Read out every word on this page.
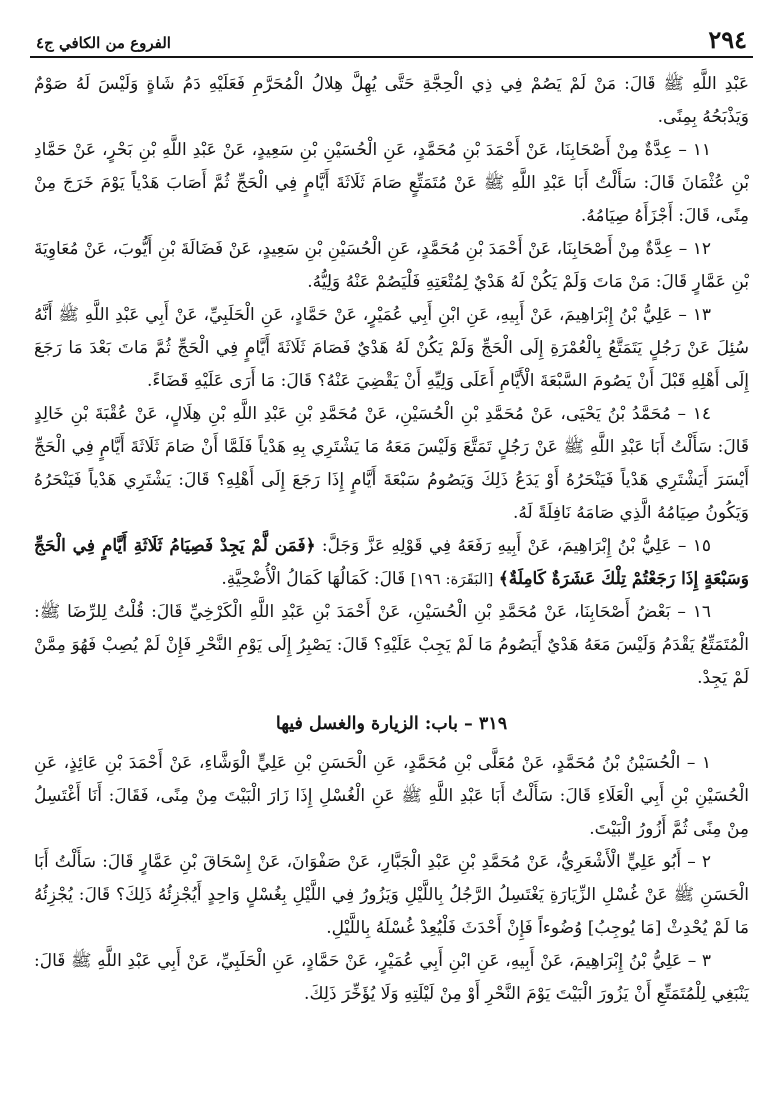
٢٩٤
الفروع من الكافي ج٤

عَبْدِ اللَّهِ ﷺ قَالَ: مَنْ لَمْ يَصُمْ فِي ذِي الْحِجَّةِ حَتَّى يُهِلَّ هِلالُ الْمُحَرَّمِ فَعَلَيْهِ دَمُ شَاةٍ وَلَيْسَ لَهُ صَوْمٌ وَيَذْبَحُهُ بِمِنًى.

١١ – عِدَّةٌ مِنْ أَصْحَابِنَا، عَنْ أَحْمَدَ بْنِ مُحَمَّدٍ، عَنِ الْحُسَيْنِ بْنِ سَعِيدٍ، عَنْ عَبْدِ اللَّهِ بْنِ بَحْرٍ، عَنْ حَمَّادِ بْنِ عُثْمَانَ قَالَ: سَأَلْتُ أَبَا عَبْدِ اللَّهِ ﷺ عَنْ مُتَمَتِّعٍ صَامَ ثَلَاثَةَ أَيَّامٍ فِي الْحَجِّ ثُمَّ أَصَابَ هَدْياً يَوْمَ خَرَجَ مِنْ مِنًى، قَالَ: أَجْزَأَهُ صِيَامُهُ.

١٢ – عِدَّةٌ مِنْ أَصْحَابِنَا، عَنْ أَحْمَدَ بْنِ مُحَمَّدٍ، عَنِ الْحُسَيْنِ بْنِ سَعِيدٍ، عَنْ فَضَالَةَ بْنِ أَيُّوبَ، عَنْ مُعَاوِيَةَ بْنِ عَمَّارٍ قَالَ: مَنْ مَاتَ وَلَمْ يَكُنْ لَهُ هَدْيٌ لِمُتْعَتِهِ فَلْيَصُمْ عَنْهُ وَلِيُّهُ.

١٣ – عَلِيُّ بْنُ إِبْرَاهِيمَ، عَنْ أَبِيهِ، عَنِ ابْنِ أَبِي عُمَيْرٍ، عَنْ حَمَّادٍ، عَنِ الْحَلَبِيِّ، عَنْ أَبِي عَبْدِ اللَّهِ ﷺ أَنَّهُ سُئِلَ عَنْ رَجُلٍ يَتَمَتَّعُ بِالْعُمْرَةِ إِلَى الْحَجِّ وَلَمْ يَكُنْ لَهُ هَدْيٌ فَصَامَ ثَلَاثَةَ أَيَّامٍ فِي الْحَجِّ ثُمَّ مَاتَ بَعْدَ مَا رَجَعَ إِلَى أَهْلِهِ قَبْلَ أَنْ يَصُومَ السَّبْعَةَ الْأَيَّامِ أَعَلَى وَلِيِّهِ أَنْ يَقْضِيَ عَنْهُ؟ قَالَ: مَا أَرَى عَلَيْهِ قَضَاءً.

١٤ – مُحَمَّدُ بْنُ يَحْيَى، عَنْ مُحَمَّدِ بْنِ الْحُسَيْنِ، عَنْ مُحَمَّدِ بْنِ عَبْدِ اللَّهِ بْنِ هِلَالٍ، عَنْ عُقْبَةَ بْنِ خَالِدٍ قَالَ: سَأَلْتُ أَبَا عَبْدِ اللَّهِ ﷺ عَنْ رَجُلٍ تَمَتَّعَ وَلَيْسَ مَعَهُ مَا يَشْتَرِي بِهِ هَدْياً فَلَمَّا أَنْ صَامَ ثَلَاثَةَ أَيَّامٍ فِي الْحَجِّ أَيْسَرَ أَيَشْتَرِي هَدْياً فَيَنْحَرُهُ أَوْ يَدَعُ ذَلِكَ وَيَصُومُ سَبْعَةَ أَيَّامٍ إِذَا رَجَعَ إِلَى أَهْلِهِ؟ قَالَ: يَشْتَرِي هَدْياً فَيَنْحَرُهُ وَيَكُونُ صِيَامُهُ الَّذِي صَامَهُ نَافِلَةً لَهُ.

١٥ – عَلِيُّ بْنُ إِبْرَاهِيمَ، عَنْ أَبِيهِ رَفَعَهُ فِي قَوْلِهِ عَزَّ وَجَلَّ: ﴿فَمَن لَّمْ يَجِدْ فَصِيَامُ ثَلَاثَةِ أَيَّامٍ فِي الْحَجِّ وَسَبْعَةٍ إِذَا رَجَعْتُمْ تِلْكَ عَشَرَةٌ كَامِلَةٌ﴾ [البَقَرَة: ١٩٦] قَالَ: كَمَالُهَا كَمَالُ الْأُضْحِيَّةِ.

١٦ – بَعْضُ أَصْحَابِنَا، عَنْ مُحَمَّدِ بْنِ الْحُسَيْنِ، عَنْ أَحْمَدَ بْنِ عَبْدِ اللَّهِ الْكَرْخِيِّ قَالَ: قُلْتُ لِلرِّضَا ﷺ: الْمُتَمَتِّعُ يَقْدَمُ وَلَيْسَ مَعَهُ هَدْيٌ أَيَصُومُ مَا لَمْ يَجِبْ عَلَيْهِ؟ قَالَ: يَصْبِرُ إِلَى يَوْمِ النَّحْرِ فَإِنْ لَمْ يُصِبْ فَهُوَ مِمَّنْ لَمْ يَجِدْ.

٣١٩ – باب: الزيارة والغسل فيها

١ – الْحُسَيْنُ بْنُ مُحَمَّدٍ، عَنْ مُعَلَّى بْنِ مُحَمَّدٍ، عَنِ الْحَسَنِ بْنِ عَلِيٍّ الْوَشَّاءِ، عَنْ أَحْمَدَ بْنِ عَائِذٍ، عَنِ الْحُسَيْنِ بْنِ أَبِي الْعَلَاءِ قَالَ: سَأَلْتُ أَبَا عَبْدِ اللَّهِ ﷺ عَنِ الْغُسْلِ إِذَا زَارَ الْبَيْتَ مِنْ مِنًى، فَقَالَ: أَنَا أَغْتَسِلُ مِنْ مِنًى ثُمَّ أَزُورُ الْبَيْتَ.

٢ – أَبُو عَلِيٍّ الْأَشْعَرِيُّ، عَنْ مُحَمَّدِ بْنِ عَبْدِ الْجَبَّارِ، عَنْ صَفْوَانَ، عَنْ إِسْحَاقَ بْنِ عَمَّارٍ قَالَ: سَأَلْتُ أَبَا الْحَسَنِ ﷺ عَنْ غُسْلِ الزِّيَارَةِ يَغْتَسِلُ الرَّجُلُ بِاللَّيْلِ وَيَزُورُ فِي اللَّيْلِ بِغُسْلٍ وَاحِدٍ أَيُجْزِئُهُ ذَلِكَ؟ قَالَ: يُجْزِئُهُ مَا لَمْ يُحْدِثْ [مَا يُوجِبُ] وُضُوءاً فَإِنْ أَحْدَثَ فَلْيُعِدْ غُسْلَهُ بِاللَّيْلِ.

٣ – عَلِيُّ بْنُ إِبْرَاهِيمَ، عَنْ أَبِيهِ، عَنِ ابْنِ أَبِي عُمَيْرٍ، عَنْ حَمَّادٍ، عَنِ الْحَلَبِيِّ، عَنْ أَبِي عَبْدِ اللَّهِ ﷺ قَالَ: يَنْبَغِي لِلْمُتَمَتِّعِ أَنْ يَزُورَ الْبَيْتَ يَوْمَ النَّحْرِ أَوْ مِنْ لَيْلَتِهِ وَلَا يُؤَخِّرَ ذَلِكَ.
